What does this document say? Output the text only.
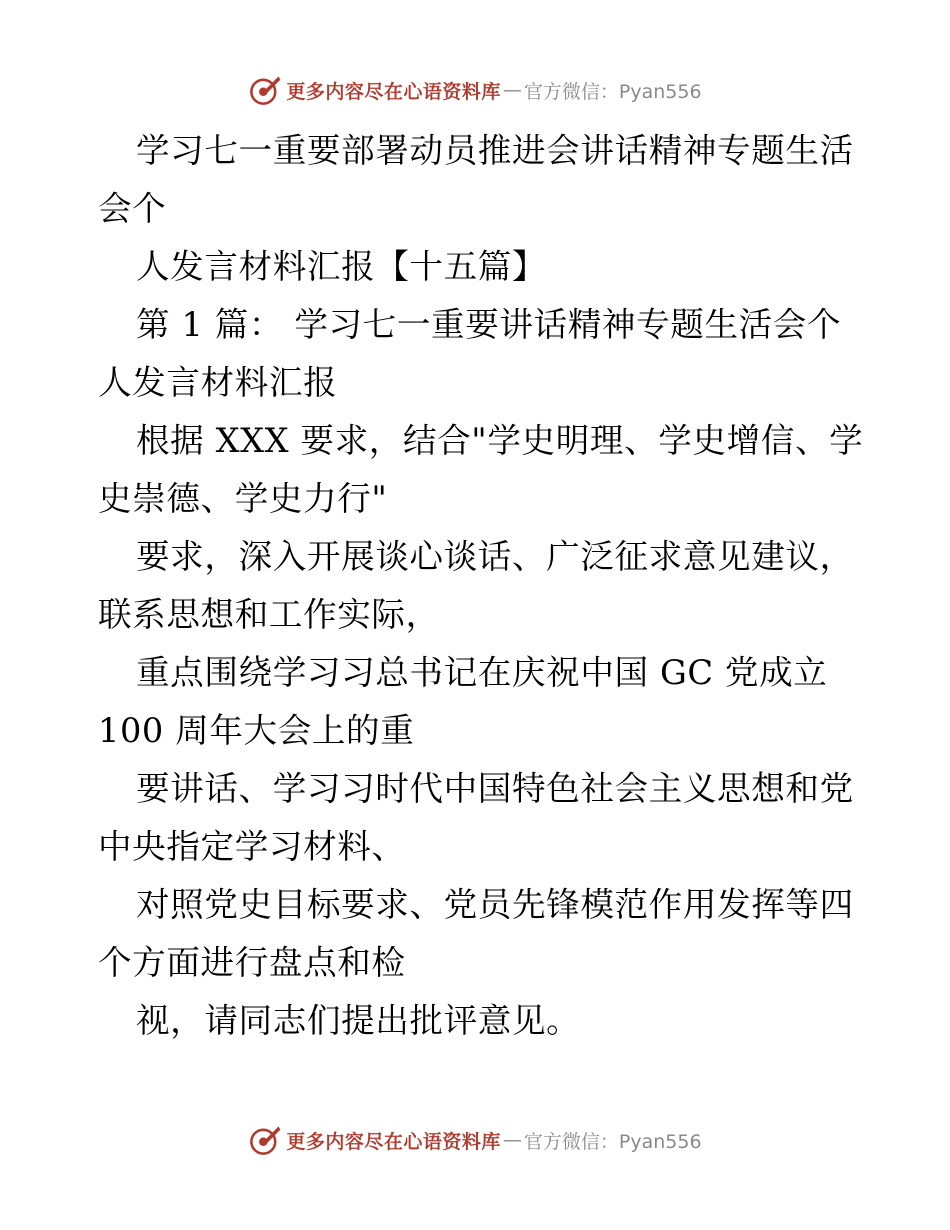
更多内容尽在心语资料库 — 官方微信：Pyan556
学习七一重要部署动员推进会讲话精神专题生活
会个
人发言材料汇报【十五篇】
第 1 篇： 学习七一重要讲话精神专题生活会个
人发言材料汇报
根据 XXX 要求，结合"学史明理、学史增信、学
史崇德、学史力行"
要求，深入开展谈心谈话、广泛征求意见建议，
联系思想和工作实际，
重点围绕学习习总书记在庆祝中国 GC 党成立
100 周年大会上的重
要讲话、学习习时代中国特色社会主义思想和党
中央指定学习材料、
对照党史目标要求、党员先锋模范作用发挥等四
个方面进行盘点和检
视，请同志们提出批评意见。
更多内容尽在心语资料库 — 官方微信：Pyan556
